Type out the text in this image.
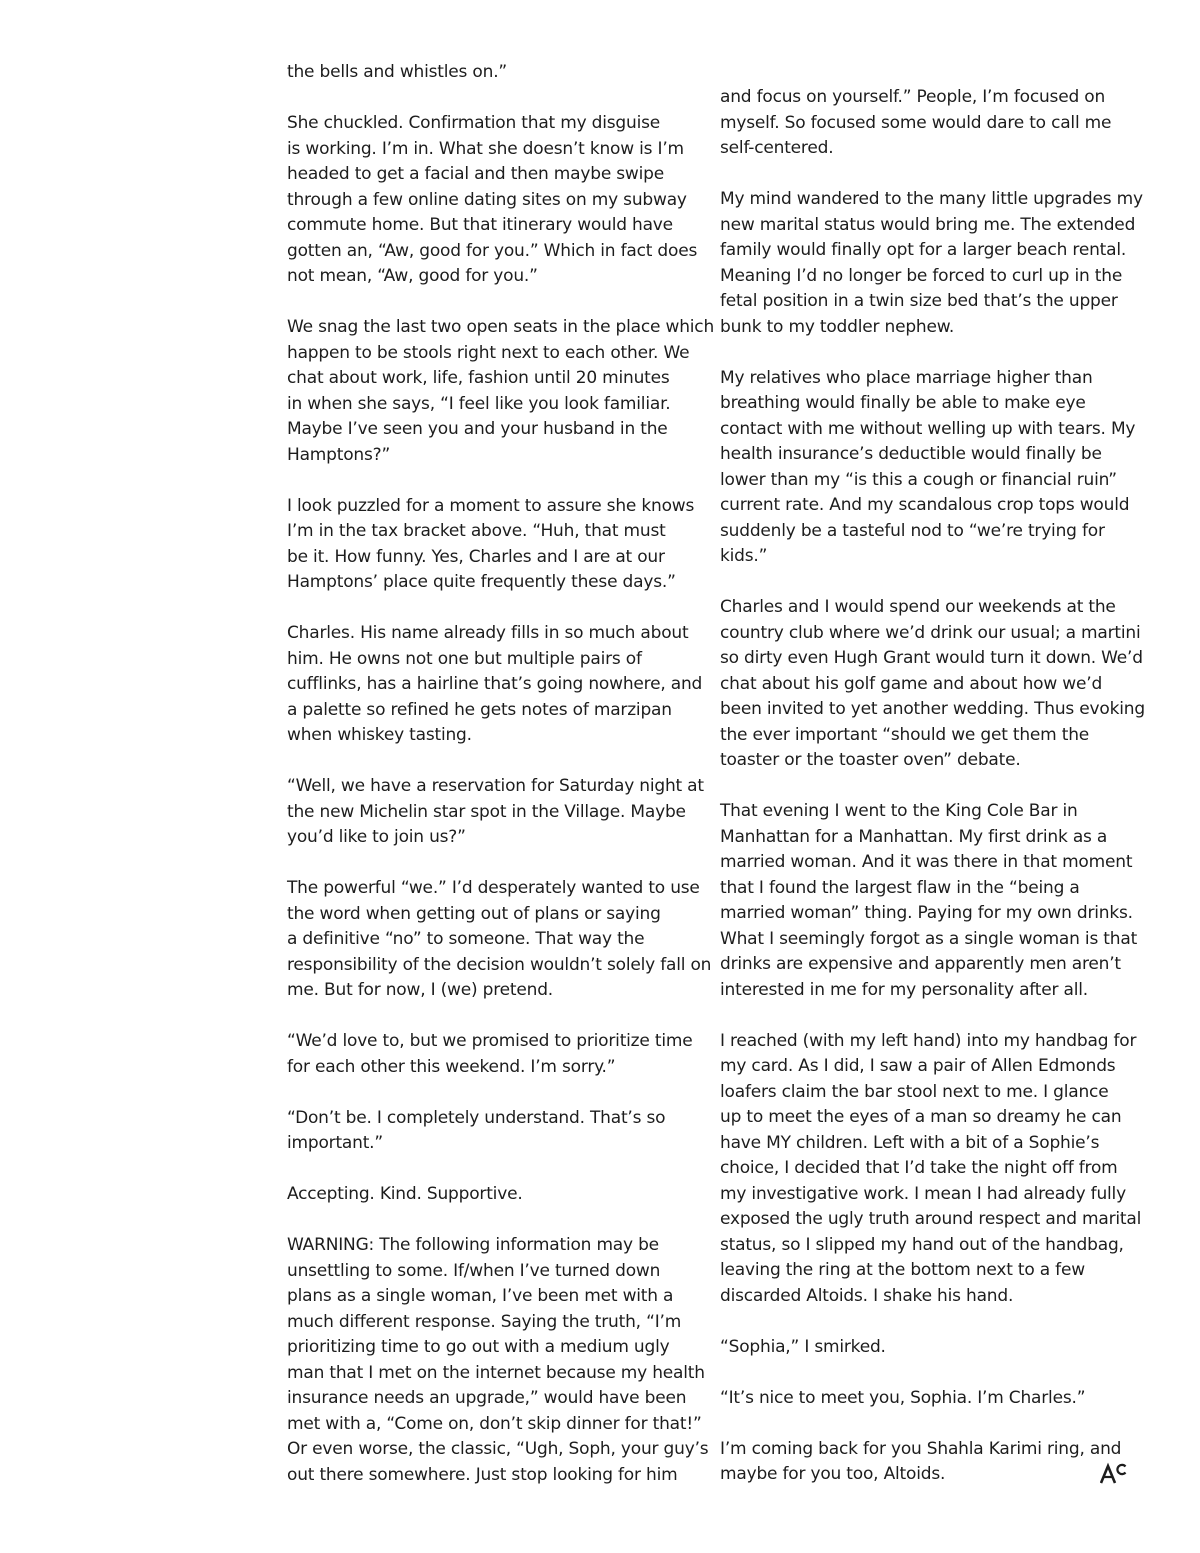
the bells and whistles on.”
She chuckled. Confirmation that my disguise
is working. I’m in. What she doesn’t know is I’m
headed to get a facial and then maybe swipe
through a few online dating sites on my subway
commute home. But that itinerary would have
gotten an, “Aw, good for you.” Which in fact does
not mean, “Aw, good for you.”
We snag the last two open seats in the place which
happen to be stools right next to each other. We
chat about work, life, fashion until 20 minutes
in when she says, “I feel like you look familiar.
Maybe I’ve seen you and your husband in the
Hamptons?”
I look puzzled for a moment to assure she knows
I’m in the tax bracket above. “Huh, that must
be it. How funny. Yes, Charles and I are at our
Hamptons’ place quite frequently these days.”
Charles. His name already fills in so much about
him. He owns not one but multiple pairs of
cufflinks, has a hairline that’s going nowhere, and
a palette so refined he gets notes of marzipan
when whiskey tasting.
“Well, we have a reservation for Saturday night at
the new Michelin star spot in the Village. Maybe
you’d like to join us?”
The powerful “we.” I’d desperately wanted to use
the word when getting out of plans or saying
a definitive “no” to someone. That way the
responsibility of the decision wouldn’t solely fall on
me. But for now, I (we) pretend.
“We’d love to, but we promised to prioritize time
for each other this weekend. I’m sorry.”
“Don’t be. I completely understand. That’s so
important.”
Accepting. Kind. Supportive.
WARNING: The following information may be
unsettling to some. If/when I’ve turned down
plans as a single woman, I’ve been met with a
much different response. Saying the truth, “I’m
prioritizing time to go out with a medium ugly
man that I met on the internet because my health
insurance needs an upgrade,” would have been
met with a, “Come on, don’t skip dinner for that!”
Or even worse, the classic, “Ugh, Soph, your guy’s
out there somewhere. Just stop looking for him
and focus on yourself.” People, I’m focused on
myself. So focused some would dare to call me
self-centered.
My mind wandered to the many little upgrades my
new marital status would bring me. The extended
family would finally opt for a larger beach rental.
Meaning I’d no longer be forced to curl up in the
fetal position in a twin size bed that’s the upper
bunk to my toddler nephew.
My relatives who place marriage higher than
breathing would finally be able to make eye
contact with me without welling up with tears. My
health insurance’s deductible would finally be
lower than my “is this a cough or financial ruin”
current rate. And my scandalous crop tops would
suddenly be a tasteful nod to “we’re trying for
kids.”
Charles and I would spend our weekends at the
country club where we’d drink our usual; a martini
so dirty even Hugh Grant would turn it down. We’d
chat about his golf game and about how we’d
been invited to yet another wedding. Thus evoking
the ever important “should we get them the
toaster or the toaster oven” debate.
That evening I went to the King Cole Bar in
Manhattan for a Manhattan. My first drink as a
married woman. And it was there in that moment
that I found the largest flaw in the “being a
married woman” thing. Paying for my own drinks.
What I seemingly forgot as a single woman is that
drinks are expensive and apparently men aren’t
interested in me for my personality after all.
I reached (with my left hand) into my handbag for
my card. As I did, I saw a pair of Allen Edmonds
loafers claim the bar stool next to me. I glance
up to meet the eyes of a man so dreamy he can
have MY children. Left with a bit of a Sophie’s
choice, I decided that I’d take the night off from
my investigative work. I mean I had already fully
exposed the ugly truth around respect and marital
status, so I slipped my hand out of the handbag,
leaving the ring at the bottom next to a few
discarded Altoids. I shake his hand.
“Sophia,” I smirked.
“It’s nice to meet you, Sophia. I’m Charles.”
I’m coming back for you Shahla Karimi ring, and
maybe for you too, Altoids.
